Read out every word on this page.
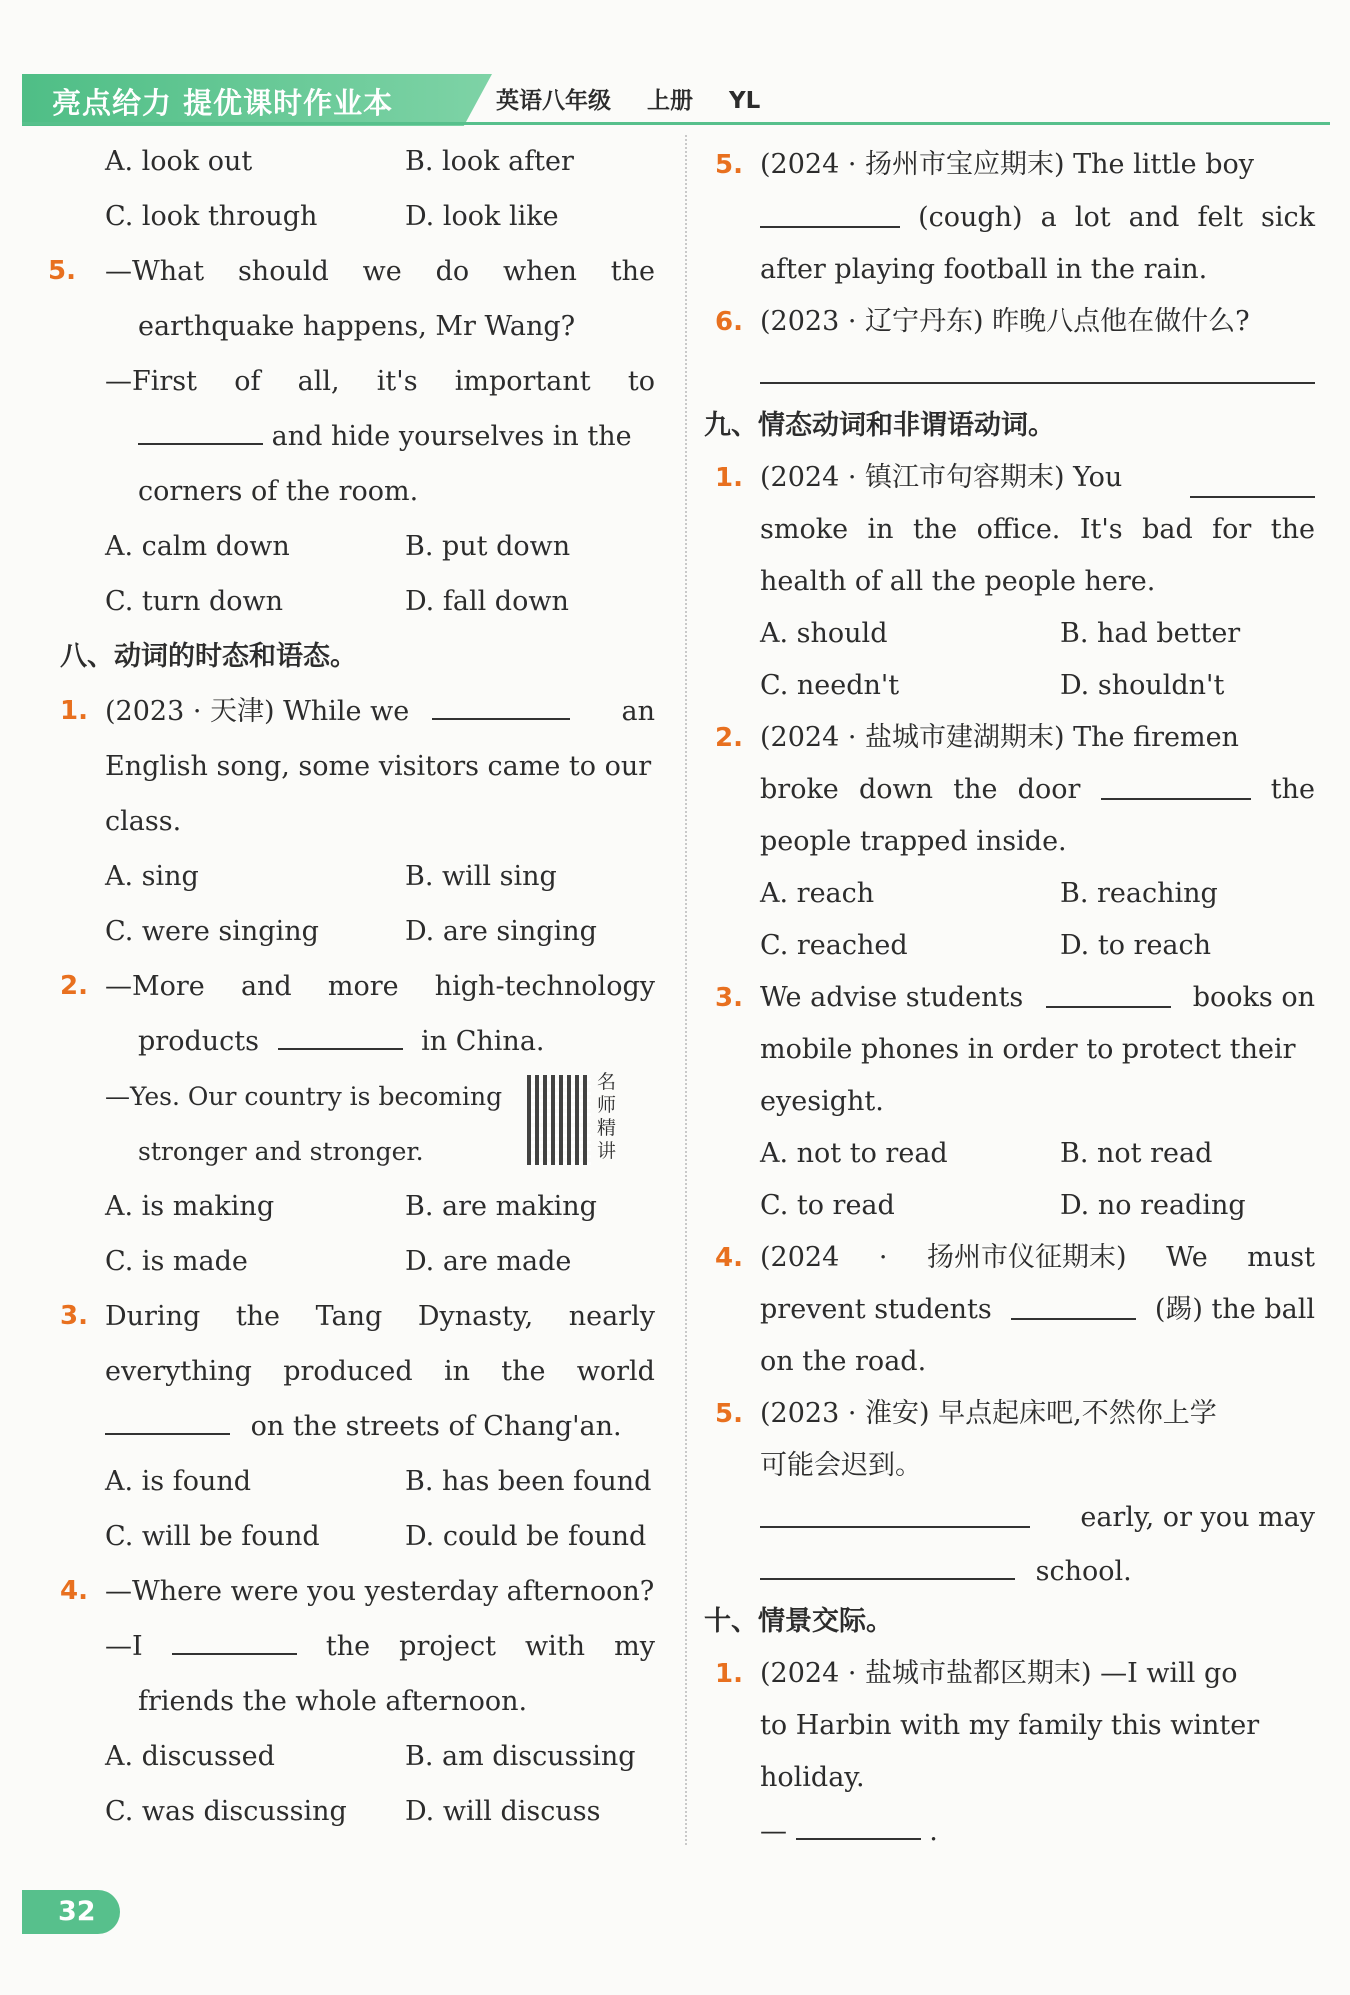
亮点给力 提优课时作业本	英语八年级 上册 YL
A. look out	B. look after
C. look through	D. look like
5. —What should we do when the
earthquake happens, Mr Wang?
—First of all, it's important to
and hide yourselves in the
corners of the room.
A. calm down	B. put down
C. turn down	D. fall down
八、动词的时态和语态。
1. (2023 · 天津) While we	an
English song, some visitors came to our
class.
A. sing	B. will sing
C. were singing	D. are singing
2. —More and more high-technology
products	in China.
—Yes. Our country is becoming
stronger and stronger.
名师精讲
A. is making	B. are making
C. is made	D. are made
3. During the Tang Dynasty, nearly
everything produced in the world
on the streets of Chang'an.
A. is found	B. has been found
C. will be found	D. could be found
4. —Where were you yesterday afternoon?
—I	the project with my
friends the whole afternoon.
A. discussed	B. am discussing
C. was discussing D. will discuss
5. (2024 · 扬州市宝应期末) The little boy
(cough) a lot and felt sick
after playing football in the rain.
6. (2023 · 辽宁丹东) 昨晚八点他在做什么?
九、情态动词和非谓语动词。
1. (2024 · 镇江市句容期末) You
smoke in the office. It's bad for the
health of all the people here.
A. should	B. had better
C. needn't	D. shouldn't
2. (2024 · 盐城市建湖期末) The firemen
broke down the door	the
people trapped inside.
A. reach	B. reaching
C. reached	D. to reach
3. We advise students	books on
mobile phones in order to protect their
eyesight.
A. not to read	B. not read
C. to read	D. no reading
4. (2024 · 扬州市仪征期末) We must
prevent students	(踢) the ball
on the road.
5. (2023 · 淮安) 早点起床吧,不然你上学
可能会迟到。
early, or you may
school.
十、情景交际。
1. (2024 · 盐城市盐都区期末) —I will go
to Harbin with my family this winter
holiday.
—	.
32
